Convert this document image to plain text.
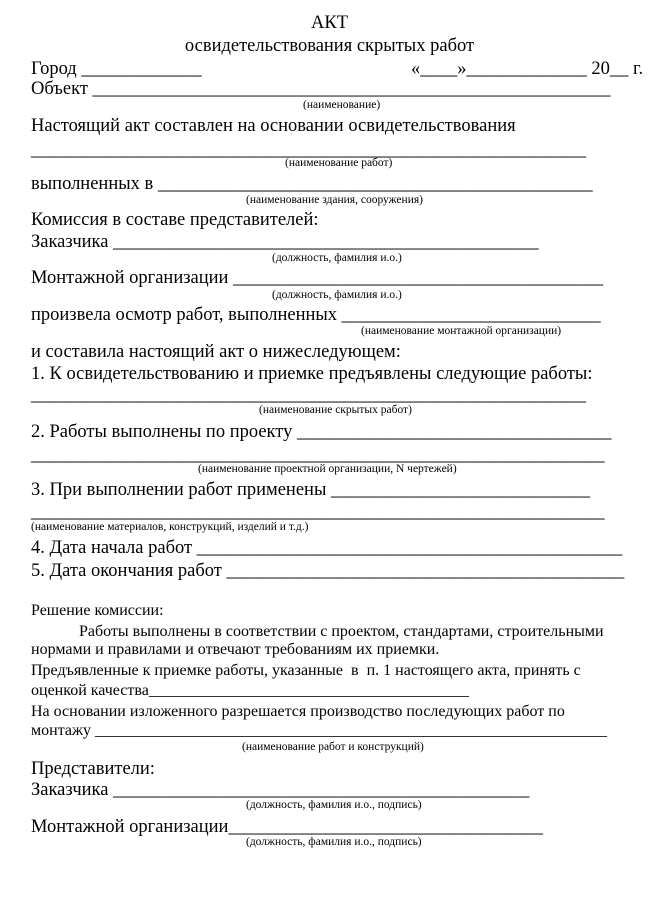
АКТ
освидетельствования скрытых работ
Город _____________	«____»_____________ 20__ г.
Объект ________________________________________________________
(наименование)
Настоящий акт составлен на основании освидетельствования
____________________________________________________________
(наименование работ)
выполненных в _______________________________________________
(наименование здания, сооружения)
Комиссия в составе представителей:
Заказчика ______________________________________________
(должность, фамилия и.о.)
Монтажной организации ________________________________________
(должность, фамилия и.о.)
произвела осмотр работ, выполненных ____________________________
(наименование монтажной организации)
и составила настоящий акт о нижеследующем:
1. К освидетельствованию и приемке предъявлены следующие работы:
____________________________________________________________
(наименование скрытых работ)
2. Работы выполнены по проекту __________________________________
______________________________________________________________
(наименование проектной организации, N чертежей)
3. При выполнении работ применены ____________________________
______________________________________________________________
(наименование материалов, конструкций, изделий и т.д.)
4. Дата начала работ ______________________________________________
5. Дата окончания работ ___________________________________________
Решение комиссии:
Работы выполнены в соответствии с проектом, стандартами, строительными
нормами и правилами и отвечают требованиям их приемки.
Предъявленные к приемке работы, указанные  в  п. 1 настоящего акта, принять с
оценкой качества________________________________________
На основании изложенного разрешается производство последующих работ по
монтажу ________________________________________________________________
(наименование работ и конструкций)
Представители:
Заказчика _____________________________________________
(должность, фамилия и.о., подпись)
Монтажной организации__________________________________
(должность, фамилия и.о., подпись)
